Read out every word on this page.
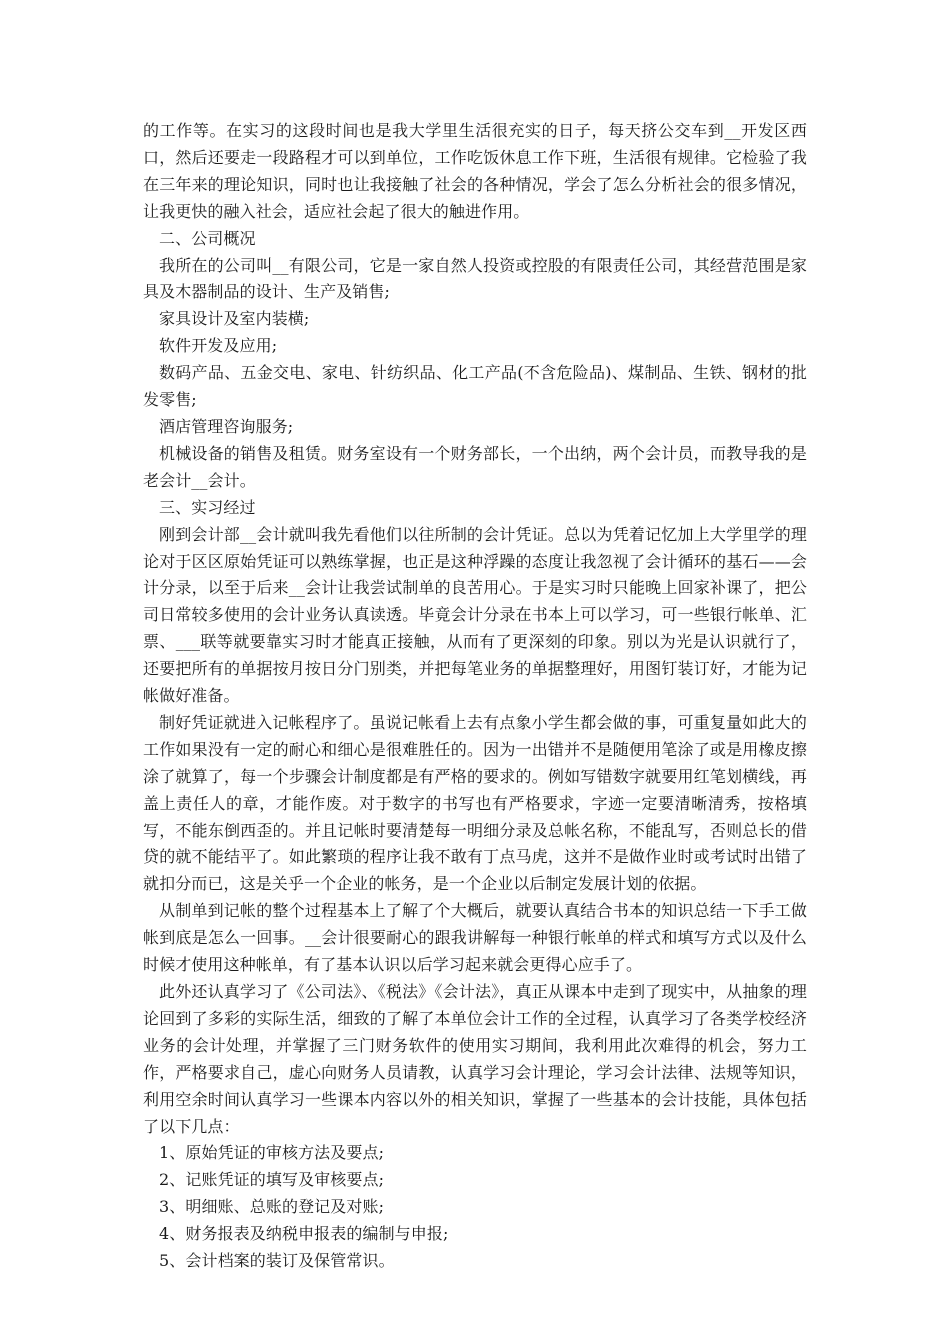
的工作等。在实习的这段时间也是我大学里生活很充实的日子，每天挤公交车到__开发区西口，然后还要走一段路程才可以到单位，工作吃饭休息工作下班，生活很有规律。它检验了我在三年来的理论知识，同时也让我接触了社会的各种情况，学会了怎么分析社会的很多情况，让我更快的融入社会，适应社会起了很大的触进作用。

二、公司概况

我所在的公司叫__有限公司，它是一家自然人投资或控股的有限责任公司，其经营范围是家具及木器制品的设计、生产及销售;

家具设计及室内装横;

软件开发及应用;

数码产品、五金交电、家电、针纺织品、化工产品(不含危险品)、煤制品、生铁、钢材的批发零售;

酒店管理咨询服务;

机械设备的销售及租赁。财务室设有一个财务部长，一个出纳，两个会计员，而教导我的是老会计__会计。

三、实习经过

刚到会计部__会计就叫我先看他们以往所制的会计凭证。总以为凭着记忆加上大学里学的理论对于区区原始凭证可以熟练掌握，也正是这种浮躁的态度让我忽视了会计循环的基石——会计分录，以至于后来__会计让我尝试制单的良苦用心。于是实习时只能晚上回家补课了，把公司日常较多使用的会计业务认真读透。毕竟会计分录在书本上可以学习，可一些银行帐单、汇票、___联等就要靠实习时才能真正接触，从而有了更深刻的印象。别以为光是认识就行了，还要把所有的单据按月按日分门别类，并把每笔业务的单据整理好，用图钉装订好，才能为记帐做好准备。

制好凭证就进入记帐程序了。虽说记帐看上去有点象小学生都会做的事，可重复量如此大的工作如果没有一定的耐心和细心是很难胜任的。因为一出错并不是随便用笔涂了或是用橡皮擦涂了就算了，每一个步骤会计制度都是有严格的要求的。例如写错数字就要用红笔划横线，再盖上责任人的章，才能作废。对于数字的书写也有严格要求，字迹一定要清晰清秀，按格填写，不能东倒西歪的。并且记帐时要清楚每一明细分录及总帐名称，不能乱写，否则总长的借贷的就不能结平了。如此繁琐的程序让我不敢有丁点马虎，这并不是做作业时或考试时出错了就扣分而已，这是关乎一个企业的帐务，是一个企业以后制定发展计划的依据。

从制单到记帐的整个过程基本上了解了个大概后，就要认真结合书本的知识总结一下手工做帐到底是怎么一回事。__会计很要耐心的跟我讲解每一种银行帐单的样式和填写方式以及什么时候才使用这种帐单，有了基本认识以后学习起来就会更得心应手了。

此外还认真学习了《公司法》、《税法》《会计法》，真正从课本中走到了现实中，从抽象的理论回到了多彩的实际生活，细致的了解了本单位会计工作的全过程，认真学习了各类学校经济业务的会计处理，并掌握了三门财务软件的使用实习期间，我利用此次难得的机会，努力工作，严格要求自己，虚心向财务人员请教，认真学习会计理论，学习会计法律、法规等知识，利用空余时间认真学习一些课本内容以外的相关知识，掌握了一些基本的会计技能，具体包括了以下几点：

1、原始凭证的审核方法及要点;

2、记账凭证的填写及审核要点;

3、明细账、总账的登记及对账;

4、财务报表及纳税申报表的编制与申报;

5、会计档案的装订及保管常识。
